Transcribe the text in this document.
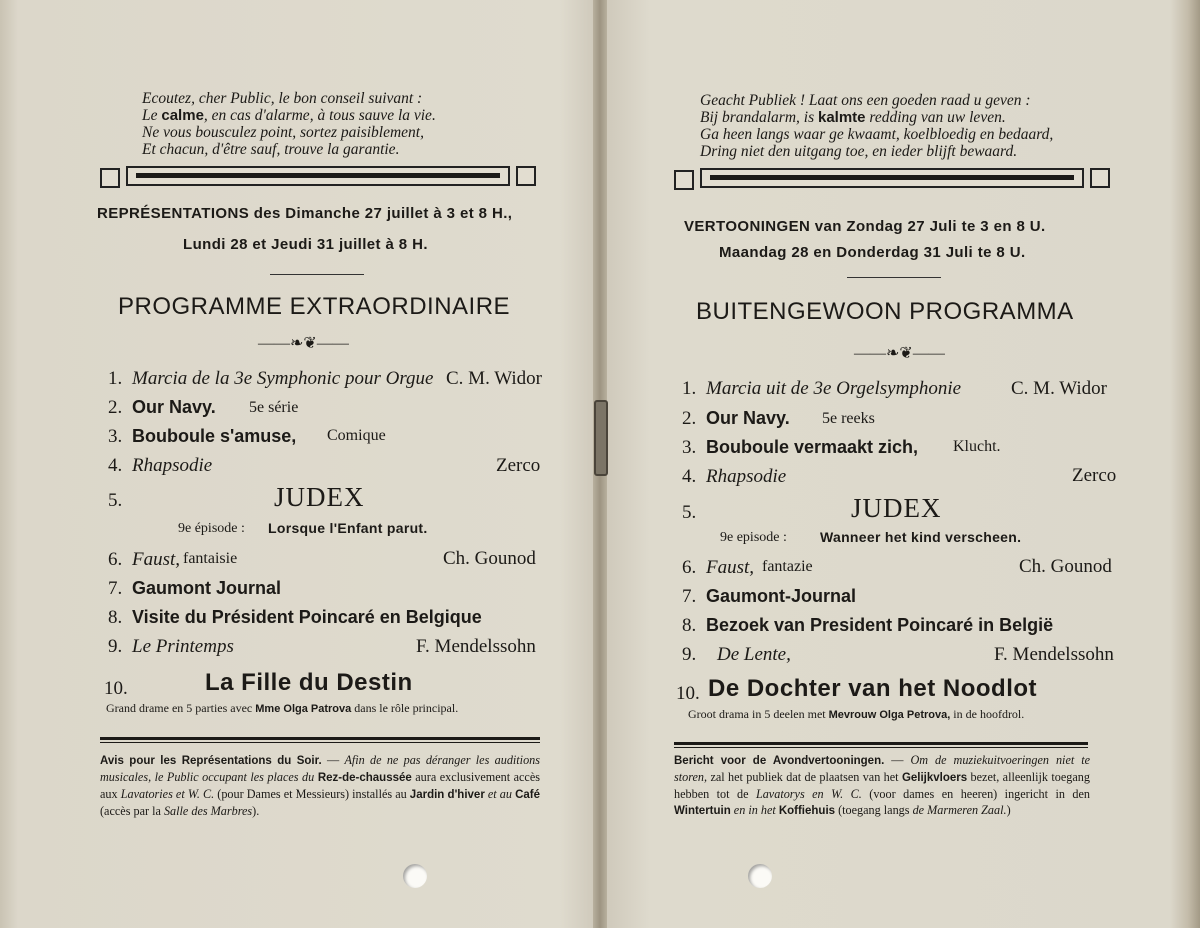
Ecoutez, cher Public, le bon conseil suivant :
Le calme, en cas d'alarme, à tous sauve la vie.
Ne vous bousculez point, sortez paisiblement,
Et chacun, d'être sauf, trouve la garantie.
REPRÉSENTATIONS des Dimanche 27 juillet à 3 et 8 H.,
Lundi 28 et Jeudi 31 juillet à 8 H.
PROGRAMME EXTRAORDINAIRE
——❧❦——
1. Marcia de la 3e Symphonic pour Orgue C. M. Widor
2. Our Navy. 5e série
3. Bouboule s'amuse, Comique
4. Rhapsodie	Zerco
5.	JUDEX
9e épisode : Lorsque l'Enfant parut.
6. Faust, fantaisie	Ch. Gounod
7. Gaumont Journal
8. Visite du Président Poincaré en Belgique
9. Le Printemps	F. Mendelssohn
10.	La Fille du Destin
Grand drame en 5 parties avec Mme Olga Patrova dans le rôle principal.
Avis pour les Représentations du Soir. — Afin de ne pas déranger les auditions musicales, le Public occupant les places du Rez-de-chaussée aura exclusivement accès aux Lavatories et W. C. (pour Dames et Messieurs) installés au Jardin d'hiver et au Café (accès par la Salle des Marbres).
Geacht Publiek ! Laat ons een goeden raad u geven :
Bij brandalarm, is kalmte redding van uw leven.
Ga heen langs waar ge kwaamt, koelbloedig en bedaard,
Dring niet den uitgang toe, en ieder blijft bewaard.
VERTOONINGEN van Zondag 27 Juli te 3 en 8 U.
Maandag 28 en Donderdag 31 Juli te 8 U.
BUITENGEWOON PROGRAMMA
——❧❦——
1. Marcia uit de 3e Orgelsymphonie	C. M. Widor
2. Our Navy. 5e reeks
3. Bouboule vermaakt zich, Klucht.
4. Rhapsodie	Zerco
5.	JUDEX
9e episode : Wanneer het kind verscheen.
6. Faust, fantazie	Ch. Gounod
7. Gaumont-Journal
8. Bezoek van President Poincaré in België
9. De Lente,	F. Mendelssohn
10. De Dochter van het Noodlot
Groot drama in 5 deelen met Mevrouw Olga Petrova, in de hoofdrol.
Bericht voor de Avondvertooningen. — Om de muziekuitvoeringen niet te storen, zal het publiek dat de plaatsen van het Gelijkvloers bezet, alleenlijk toegang hebben tot de Lavatorys en W. C. (voor dames en heeren) ingericht in den Wintertuin en in het Koffiehuis (toegang langs de Marmeren Zaal.)
